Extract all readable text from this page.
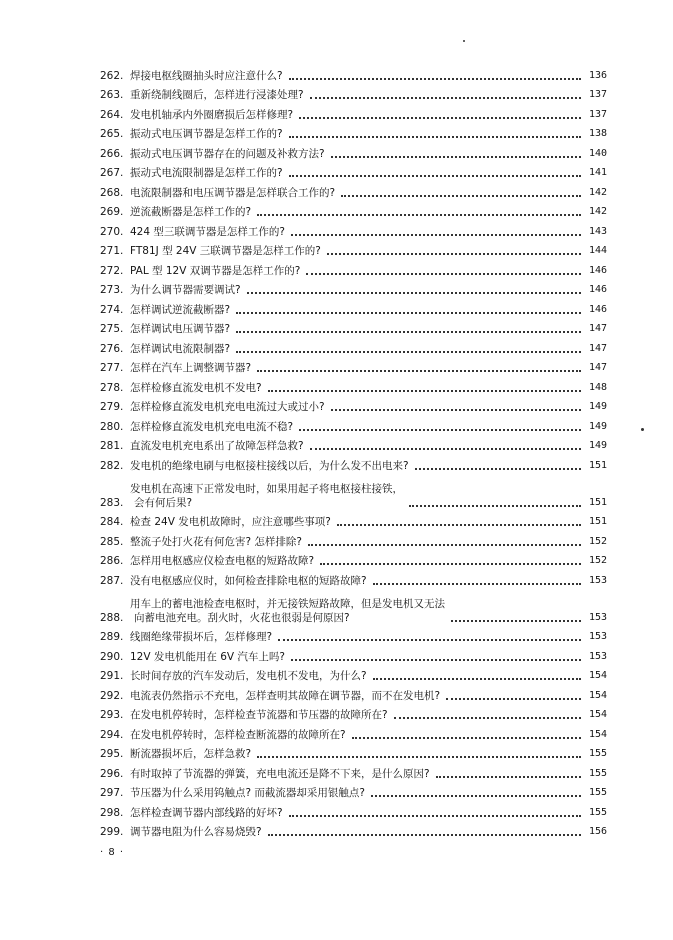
262. 焊接电枢线圈抽头时应注意什么?	136
263. 重新绕制线圈后，怎样进行浸漆处理?	137
264. 发电机轴承内外圈磨损后怎样修理?	137
265. 振动式电压调节器是怎样工作的?	138
266. 振动式电压调节器存在的问题及补救方法?	140
267. 振动式电流限制器是怎样工作的?	141
268. 电流限制器和电压调节器是怎样联合工作的?	142
269. 逆流截断器是怎样工作的?	142
270. 424 型三联调节器是怎样工作的?	143
271. FT81J 型 24V 三联调节器是怎样工作的?	144
272. PAL 型 12V 双调节器是怎样工作的?	146
273. 为什么调节器需要调试?	146
274. 怎样调试逆流截断器?	146
275. 怎样调试电压调节器?	147
276. 怎样调试电流限制器?	147
277. 怎样在汽车上调整调节器?	147
278. 怎样检修直流发电机不发电?	148
279. 怎样检修直流发电机充电电流过大或过小?	149
280. 怎样检修直流发电机充电电流不稳?	149
281. 直流发电机充电系出了故障怎样急救?	149
282. 发电机的绝缘电刷与电枢接柱接线以后，为什么发不出电来?	151
283.
发电机在高速下正常发电时，如果用起子将电枢接柱接铁，
会有何后果?	151
284. 检查 24V 发电机故障时，应注意哪些事项?	151
285. 整流子处打火花有何危害? 怎样排除?	152
286. 怎样用电枢感应仪检查电枢的短路故障?	152
287. 没有电枢感应仪时，如何检查排除电枢的短路故障?	153
288.
用车上的蓄电池检查电枢时，并无接铁短路故障，但是发电机又无法
向蓄电池充电。刮火时，火花也很弱是何原因?	153
289. 线圈绝缘带损坏后，怎样修理?	153
290. 12V 发电机能用在 6V 汽车上吗?	153
291. 长时间存放的汽车发动后，发电机不发电，为什么?	154
292. 电流表仍然指示不充电，怎样查明其故障在调节器，而不在发电机?	154
293. 在发电机停转时，怎样检查节流器和节压器的故障所在?	154
294. 在发电机停转时，怎样检查断流器的故障所在?	154
295. 断流器损坏后，怎样急救?	155
296. 有时取掉了节流器的弹簧，充电电流还是降不下来，是什么原因?	155
297. 节压器为什么采用钨触点? 而截流器却采用银触点?	155
298. 怎样检查调节器内部线路的好坏?	155
299. 调节器电阻为什么容易烧毁?	156
· 8 ·
